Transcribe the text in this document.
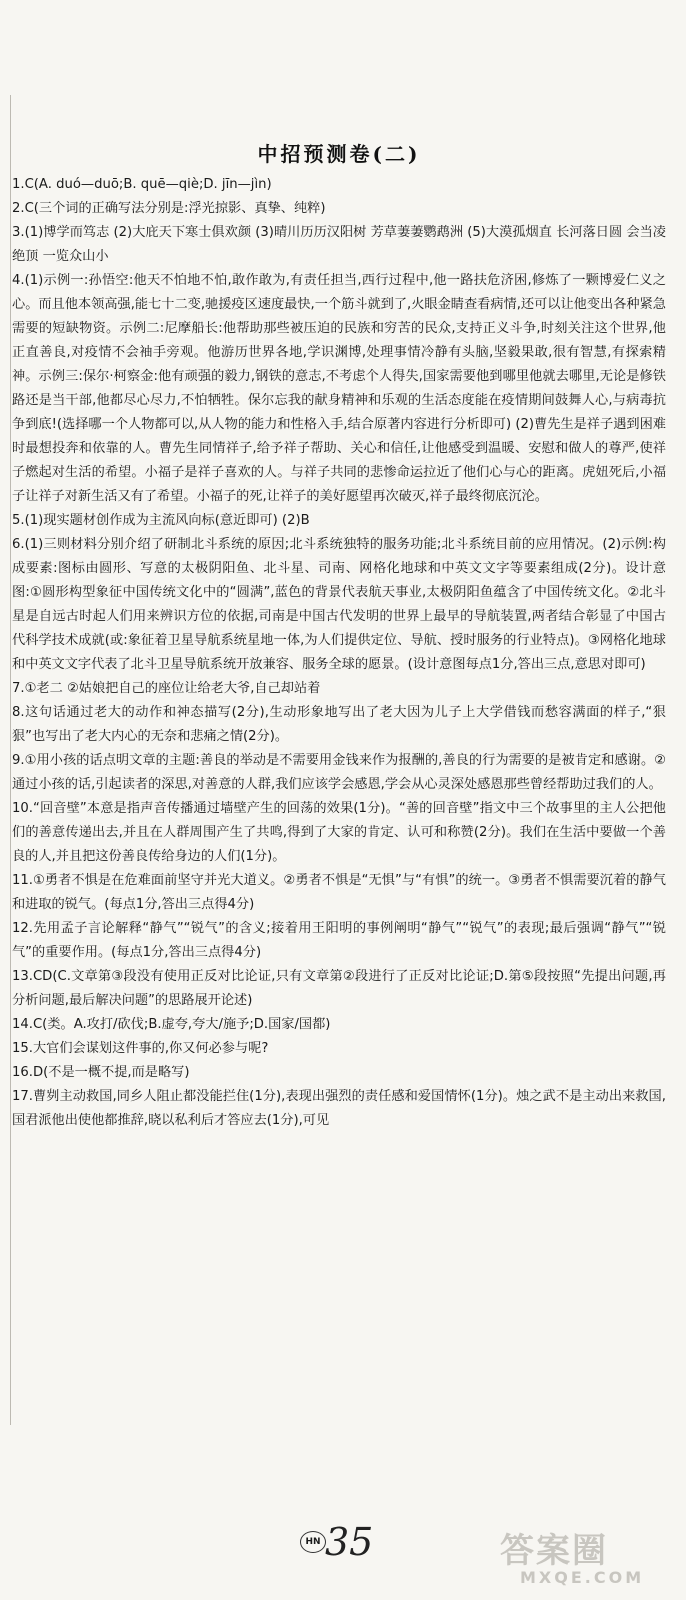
中招预测卷(二)

1.C(A. duó—duō;B. quē—qiè;D. jīn—jìn)

2.C(三个词的正确写法分别是:浮光掠影、真挚、纯粹)

3.(1)博学而笃志 (2)大庇天下寒士俱欢颜 (3)晴川历历汉阳树 芳草萋萋鹦鹉洲 (5)大漠孤烟直 长河落日圆 会当凌绝顶 一览众山小

4.(1)示例一:孙悟空:他天不怕地不怕,敢作敢为,有责任担当,西行过程中,他一路扶危济困,修炼了一颗博爱仁义之心。而且他本领高强,能七十二变,驰援疫区速度最快,一个筋斗就到了,火眼金睛查看病情,还可以让他变出各种紧急需要的短缺物资。示例二:尼摩船长:他帮助那些被压迫的民族和穷苦的民众,支持正义斗争,时刻关注这个世界,他正直善良,对疫情不会袖手旁观。他游历世界各地,学识渊博,处理事情冷静有头脑,坚毅果敢,很有智慧,有探索精神。示例三:保尔·柯察金:他有顽强的毅力,钢铁的意志,不考虑个人得失,国家需要他到哪里他就去哪里,无论是修铁路还是当干部,他都尽心尽力,不怕牺牲。保尔忘我的献身精神和乐观的生活态度能在疫情期间鼓舞人心,与病毒抗争到底!(选择哪一个人物都可以,从人物的能力和性格入手,结合原著内容进行分析即可) (2)曹先生是祥子遇到困难时最想投奔和依靠的人。曹先生同情祥子,给予祥子帮助、关心和信任,让他感受到温暖、安慰和做人的尊严,使祥子燃起对生活的希望。小福子是祥子喜欢的人。与祥子共同的悲惨命运拉近了他们心与心的距离。虎妞死后,小福子让祥子对新生活又有了希望。小福子的死,让祥子的美好愿望再次破灭,祥子最终彻底沉沦。

5.(1)现实题材创作成为主流风向标(意近即可) (2)B

6.(1)三则材料分别介绍了研制北斗系统的原因;北斗系统独特的服务功能;北斗系统目前的应用情况。(2)示例:构成要素:图标由圆形、写意的太极阴阳鱼、北斗星、司南、网格化地球和中英文文字等要素组成(2分)。设计意图:①圆形构型象征中国传统文化中的“圆满”,蓝色的背景代表航天事业,太极阴阳鱼蕴含了中国传统文化。②北斗星是自远古时起人们用来辨识方位的依据,司南是中国古代发明的世界上最早的导航装置,两者结合彰显了中国古代科学技术成就(或:象征着卫星导航系统星地一体,为人们提供定位、导航、授时服务的行业特点)。③网格化地球和中英文文字代表了北斗卫星导航系统开放兼容、服务全球的愿景。(设计意图每点1分,答出三点,意思对即可)

7.①老二 ②姑娘把自己的座位让给老大爷,自己却站着

8.这句话通过老大的动作和神态描写(2分),生动形象地写出了老大因为儿子上大学借钱而愁容满面的样子,“狠狠”也写出了老大内心的无奈和悲痛之情(2分)。

9.①用小孩的话点明文章的主题:善良的举动是不需要用金钱来作为报酬的,善良的行为需要的是被肯定和感谢。②通过小孩的话,引起读者的深思,对善意的人群,我们应该学会感恩,学会从心灵深处感恩那些曾经帮助过我们的人。

10.“回音壁”本意是指声音传播通过墙壁产生的回荡的效果(1分)。“善的回音壁”指文中三个故事里的主人公把他们的善意传递出去,并且在人群周围产生了共鸣,得到了大家的肯定、认可和称赞(2分)。我们在生活中要做一个善良的人,并且把这份善良传给身边的人们(1分)。

11.①勇者不惧是在危难面前坚守并光大道义。②勇者不惧是“无惧”与“有惧”的统一。③勇者不惧需要沉着的静气和进取的锐气。(每点1分,答出三点得4分)

12.先用孟子言论解释“静气”“锐气”的含义;接着用王阳明的事例阐明“静气”“锐气”的表现;最后强调“静气”“锐气”的重要作用。(每点1分,答出三点得4分)

13.CD(C.文章第③段没有使用正反对比论证,只有文章第②段进行了正反对比论证;D.第⑤段按照“先提出问题,再分析问题,最后解决问题”的思路展开论述)

14.C(类。A.攻打/砍伐;B.虚夸,夸大/施予;D.国家/国都)

15.大官们会谋划这件事的,你又何必参与呢?

16.D(不是一概不提,而是略写)

17.曹刿主动救国,同乡人阻止都没能拦住(1分),表现出强烈的责任感和爱国情怀(1分)。烛之武不是主动出来救国,国君派他出使他都推辞,晓以私利后才答应去(1分),可见

HN 35	答案圈
MXQE.COM
